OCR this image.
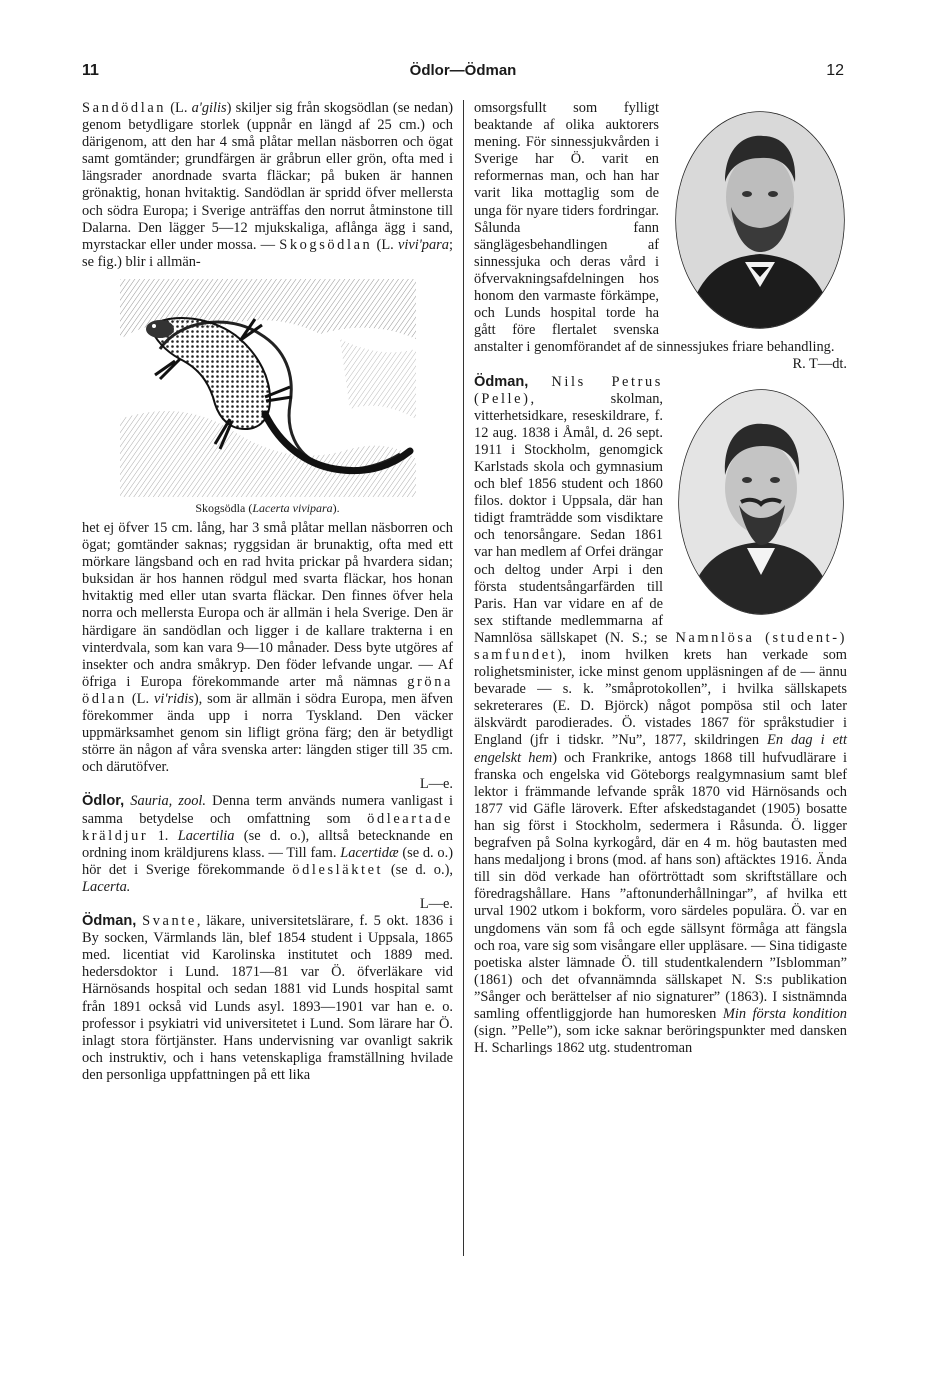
11	Ödlor—Ödman	12

Sandödlan (L. a'gilis) skiljer sig från skogsödlan (se nedan) genom betydligare storlek (uppnår en längd af 25 cm.) och därigenom, att den har 4 små plåtar mellan näsborren och ögat samt gomtänder; grundfärgen är gråbrun eller grön, ofta med i längsrader anordnade svarta fläckar; på buken är hannen grönaktig, honan hvitaktig. Sandödlan är spridd öfver mellersta och södra Europa; i Sverige anträffas den norrut åtminstone till Dalarna. Den lägger 5—12 mjukskaliga, aflånga ägg i sand, myrstackar eller under mossa. — Skogsödlan (L. vivi'para; se fig.) blir i allmän-

Skogsödla (Lacerta vivipara).

het ej öfver 15 cm. lång, har 3 små plåtar mellan näsborren och ögat; gomtänder saknas; ryggsidan är brunaktig, ofta med ett mörkare längsband och en rad hvita prickar på hvardera sidan; buksidan är hos hannen rödgul med svarta fläckar, hos honan hvitaktig med eller utan svarta fläckar. Den finnes öfver hela norra och mellersta Europa och är allmän i hela Sverige. Den är härdigare än sandödlan och ligger i de kallare trakterna i en vinterdvala, som kan vara 9—10 månader. Dess byte utgöres af insekter och andra småkryp. Den föder lefvande ungar. — Af öfriga i Europa förekommande arter må nämnas gröna ödlan (L. vi'ridis), som är allmän i södra Europa, men äfven förekommer ända upp i norra Tyskland. Den väcker uppmärksamhet genom sin lifligt gröna färg; den är betydligt större än någon af våra svenska arter: längden stiger till 35 cm. och därutöfver.

L—e.

Ödlor, Sauria, zool. Denna term används numera vanligast i samma betydelse och omfattning som ödleartade kräldjur 1. Lacertilia (se d. o.), alltså betecknande en ordning inom kräldjurens klass. — Till fam. Lacertidæ (se d. o.) hör det i Sverige förekommande ödlesläktet (se d. o.), Lacerta.

L—e.

Ödman, Svante, läkare, universitetslärare, f. 5 okt. 1836 i By socken, Värmlands län, blef 1854 student i Uppsala, 1865 med. licentiat vid Karolinska institutet och 1889 med. hedersdoktor i Lund. 1871—81 var Ö. öfverläkare vid Härnösands hospital och sedan 1881 vid Lunds hospital samt från 1891 också vid Lunds asyl. 1893—1901 var han e. o. professor i psykiatri vid universitetet i Lund. Som lärare har Ö. inlagt stora förtjänster. Hans undervisning var ovanligt sakrik och instruktiv, och i hans vetenskapliga framställning hvilade den personliga uppfattningen på ett lika

omsorgsfullt som fylligt beaktande af olika auktorers mening. För sinnessjukvården i Sverige har Ö. varit en reformernas man, och han har varit lika mottaglig som de unga för nyare tiders fordringar. Sålunda fann sänglägesbehandlingen af sinnessjuka och deras vård i öfvervakningsafdelningen hos honom den varmaste förkämpe, och Lunds hospital torde ha gått före flertalet svenska anstalter i genomförandet af de sinnessjukes friare behandling.

R. T—dt.

Ödman, Nils Petrus (Pelle), skolman, vitterhetsidkare, reseskildrare, f. 12 aug. 1838 i Åmål, d. 26 sept. 1911 i Stockholm, genomgick Karlstads skola och gymnasium och blef 1856 student och 1860 filos. doktor i Uppsala, där han tidigt framträdde som visdiktare och tenorsångare. Sedan 1861 var han medlem af Orfei drängar och deltog under Arpi i den första studentsångarfärden till Paris. Han var vidare en af de sex stiftande medlemmarna af Namnlösa sällskapet (N. S.; se Namnlösa (student-) samfundet), inom hvilken krets han verkade som rolighetsminister, icke minst genom uppläsningen af de — ännu bevarade — s. k. ”småprotokollen”, i hvilka sällskapets sekreterares (E. D. Björck) något pompösa stil och later älskvärdt parodierades. Ö. vistades 1867 för språkstudier i England (jfr i tidskr. ”Nu”, 1877, skildringen En dag i ett engelskt hem) och Frankrike, antogs 1868 till hufvudlärare i franska och engelska vid Göteborgs realgymnasium samt blef lektor i främmande lefvande språk 1870 vid Härnösands och 1877 vid Gäfle läroverk. Efter afskedstagandet (1905) bosatte han sig först i Stockholm, sedermera i Råsunda. Ö. ligger begrafven på Solna kyrkogård, där en 4 m. hög bautasten med hans medaljong i brons (mod. af hans son) aftäcktes 1916. Ända till sin död verkade han oförtröttadt som skriftställare och föredragshållare. Hans ”aftonunderhållningar”, af hvilka ett urval 1902 utkom i bokform, voro särdeles populära. Ö. var en ungdomens vän som få och egde sällsynt förmåga att fängsla och roa, vare sig som visångare eller uppläsare. — Sina tidigaste poetiska alster lämnade Ö. till studentkalendern ”Isblomman” (1861) och det ofvannämnda sällskapet N. S:s publikation ”Sånger och berättelser af nio signaturer” (1863). I sistnämnda samling offentliggjorde han humoresken Min första kondition (sign. ”Pelle”), som icke saknar beröringspunkter med dansken H. Scharlings 1862 utg. studentroman
